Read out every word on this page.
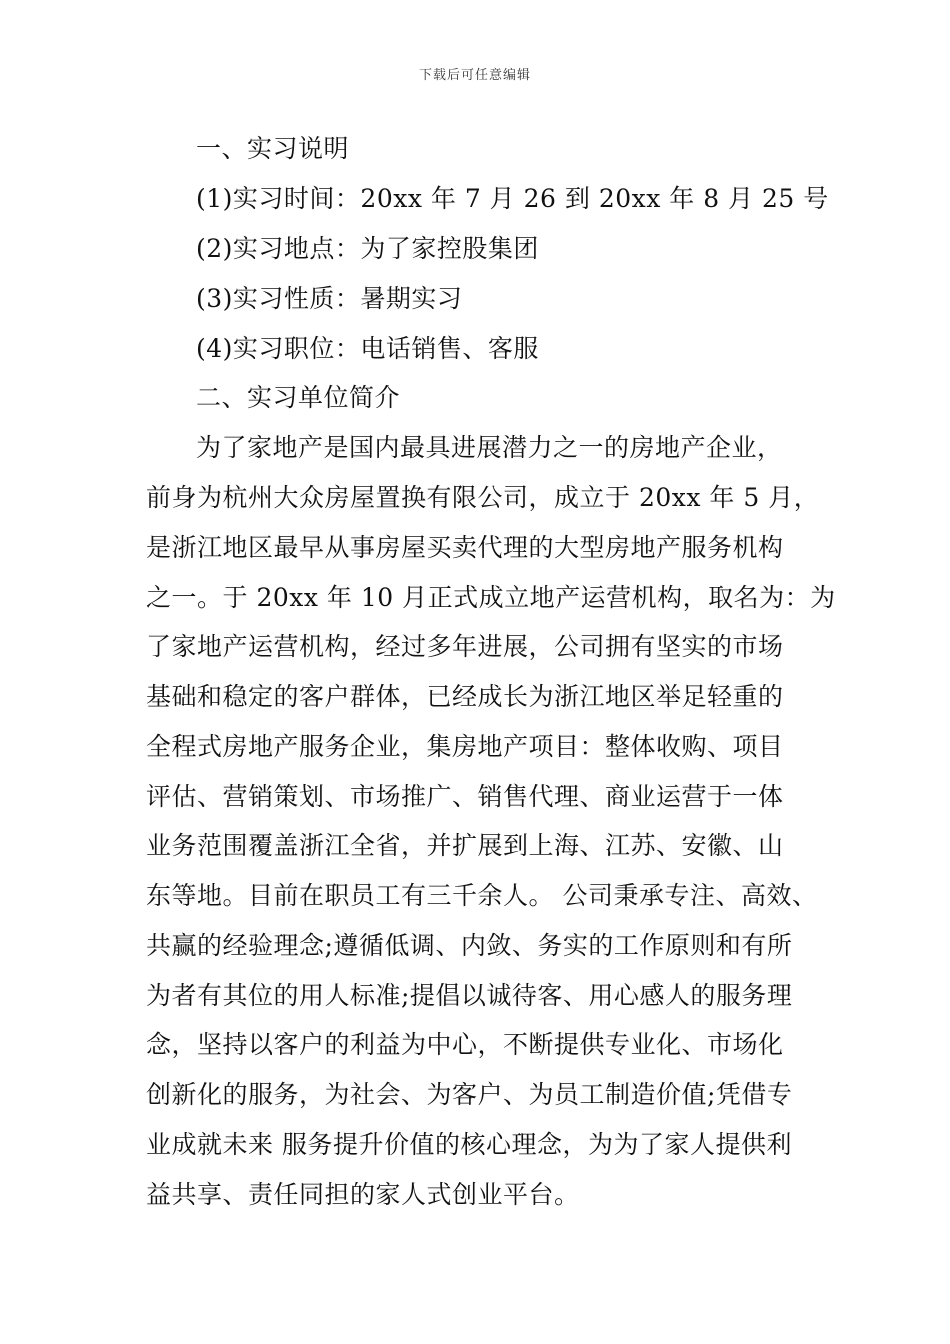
下载后可任意编辑
一、实习说明
(1)实习时间：20xx 年 7 月 26 到 20xx 年 8 月 25 号
(2)实习地点：为了家控股集团
(3)实习性质：暑期实习
(4)实习职位：电话销售、客服
二、实习单位简介
为了家地产是国内最具进展潜力之一的房地产企业，
前身为杭州大众房屋置换有限公司，成立于 20xx 年 5 月，
是浙江地区最早从事房屋买卖代理的大型房地产服务机构
之一。于 20xx 年 10 月正式成立地产运营机构，取名为：为
了家地产运营机构，经过多年进展，公司拥有坚实的市场
基础和稳定的客户群体，已经成长为浙江地区举足轻重的
全程式房地产服务企业，集房地产项目：整体收购、项目
评估、营销策划、市场推广、销售代理、商业运营于一体
业务范围覆盖浙江全省，并扩展到上海、江苏、安徽、山
东等地。目前在职员工有三千余人。 公司秉承专注、高效、
共赢的经验理念;遵循低调、内敛、务实的工作原则和有所
为者有其位的用人标准;提倡以诚待客、用心感人的服务理
念，坚持以客户的利益为中心，不断提供专业化、市场化
创新化的服务，为社会、为客户、为员工制造价值;凭借专
业成就未来 服务提升价值的核心理念，为为了家人提供利
益共享、责任同担的家人式创业平台。
